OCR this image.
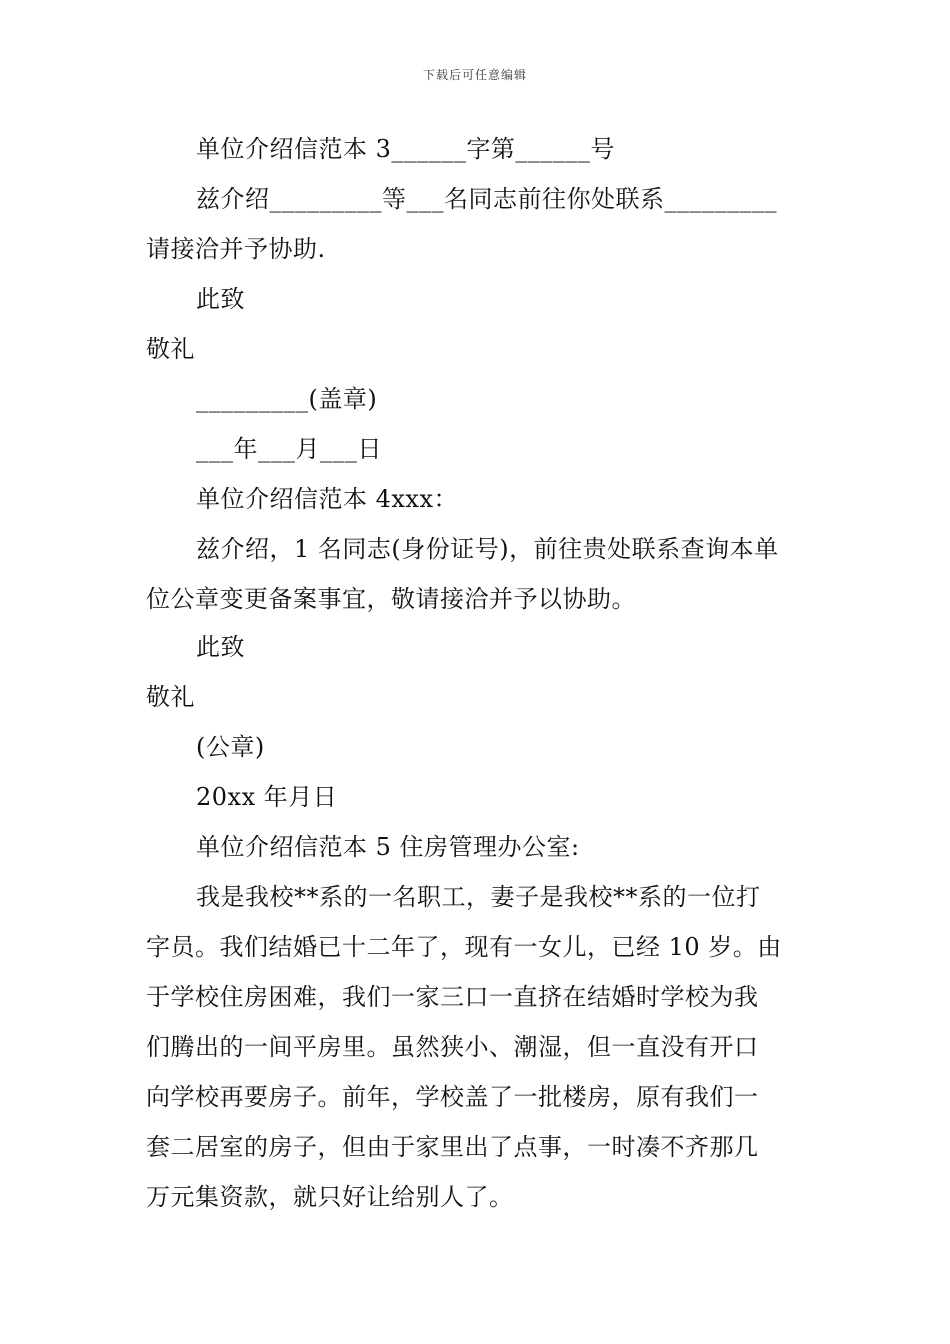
下载后可任意编辑
单位介绍信范本 3______字第______号
兹介绍_________等___名同志前往你处联系_________
请接洽并予协助.
此致
敬礼
_________(盖章)
___年___月___日
单位介绍信范本 4xxx：
兹介绍，1 名同志(身份证号)，前往贵处联系查询本单
位公章变更备案事宜，敬请接洽并予以协助。
此致
敬礼
(公章)
20xx 年月日
单位介绍信范本 5 住房管理办公室:
我是我校**系的一名职工，妻子是我校**系的一位打
字员。我们结婚已十二年了，现有一女儿，已经 10 岁。由
于学校住房困难，我们一家三口一直挤在结婚时学校为我
们腾出的一间平房里。虽然狭小、潮湿，但一直没有开口
向学校再要房子。前年，学校盖了一批楼房，原有我们一
套二居室的房子，但由于家里出了点事，一时凑不齐那几
万元集资款，就只好让给别人了。
